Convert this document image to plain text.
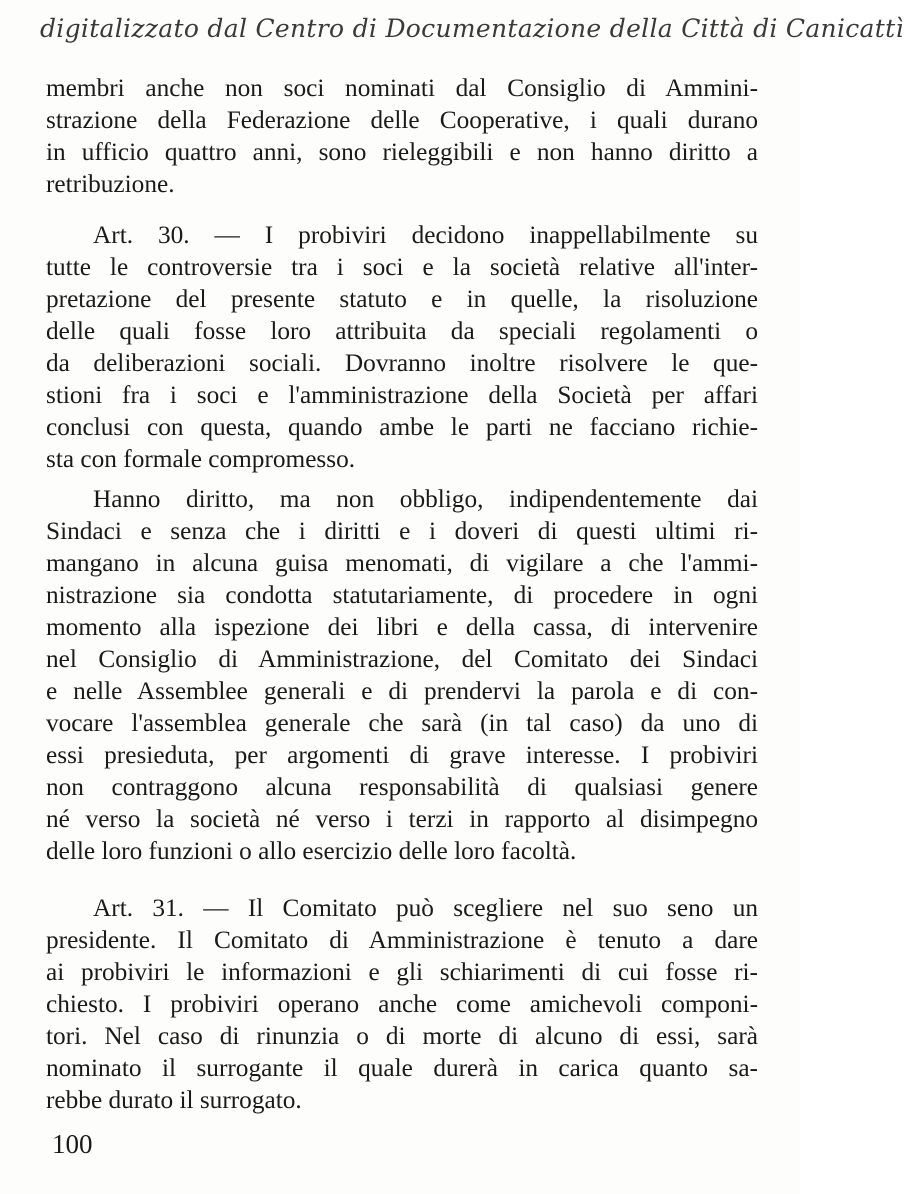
digitalizzato dal Centro di Documentazione della Città di Canicattì
membri anche non soci nominati dal Consiglio di Ammini-
strazione della Federazione delle Cooperative, i quali durano
in ufficio quattro anni, sono rieleggibili e non hanno diritto a
retribuzione.
Art. 30. — I probiviri decidono inappellabilmente su
tutte le controversie tra i soci e la società relative all'inter-
pretazione del presente statuto e in quelle, la risoluzione
delle quali fosse loro attribuita da speciali regolamenti o
da deliberazioni sociali. Dovranno inoltre risolvere le que-
stioni fra i soci e l'amministrazione della Società per affari
conclusi con questa, quando ambe le parti ne facciano richie-
sta con formale compromesso.
Hanno diritto, ma non obbligo, indipendentemente dai
Sindaci e senza che i diritti e i doveri di questi ultimi ri-
mangano in alcuna guisa menomati, di vigilare a che l'ammi-
nistrazione sia condotta statutariamente, di procedere in ogni
momento alla ispezione dei libri e della cassa, di intervenire
nel Consiglio di Amministrazione, del Comitato dei Sindaci
e nelle Assemblee generali e di prendervi la parola e di con-
vocare l'assemblea generale che sarà (in tal caso) da uno di
essi presieduta, per argomenti di grave interesse. I probiviri
non contraggono alcuna responsabilità di qualsiasi genere
né verso la società né verso i terzi in rapporto al disimpegno
delle loro funzioni o allo esercizio delle loro facoltà.
Art. 31. — Il Comitato può scegliere nel suo seno un
presidente. Il Comitato di Amministrazione è tenuto a dare
ai probiviri le informazioni e gli schiarimenti di cui fosse ri-
chiesto. I probiviri operano anche come amichevoli componi-
tori. Nel caso di rinunzia o di morte di alcuno di essi, sarà
nominato il surrogante il quale durerà in carica quanto sa-
rebbe durato il surrogato.
100
